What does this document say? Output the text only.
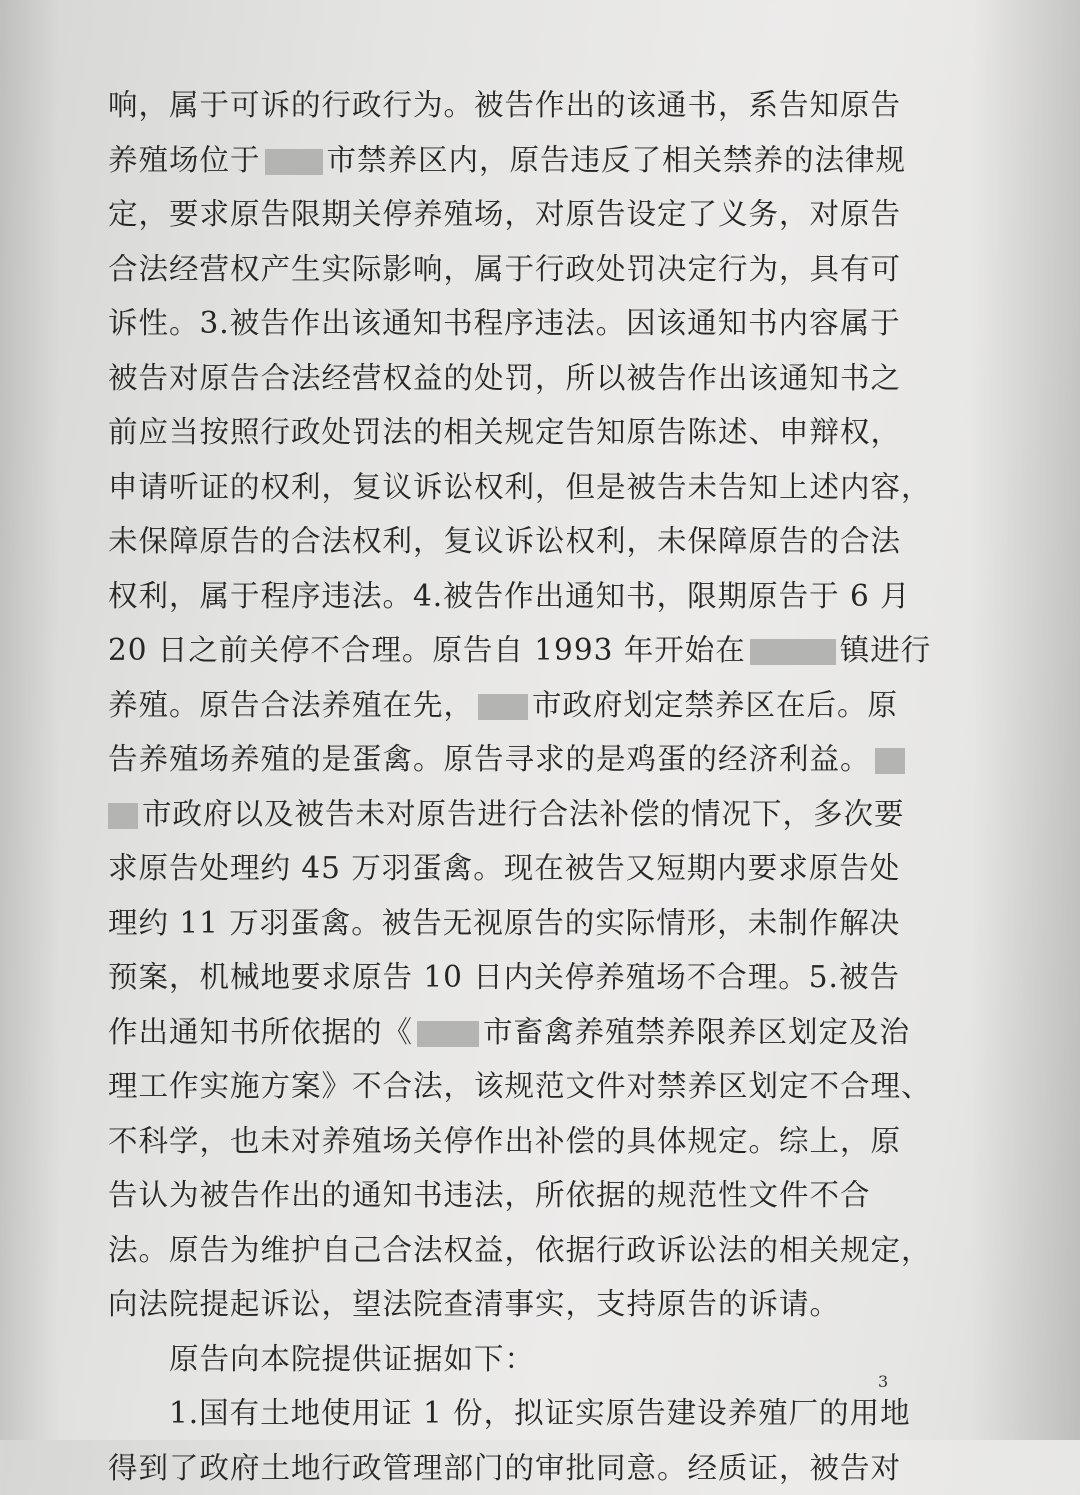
响，属于可诉的行政行为。被告作出的该通书，系告知原告
养殖场位于 市禁养区内，原告违反了相关禁养的法律规
定，要求原告限期关停养殖场，对原告设定了义务，对原告
合法经营权产生实际影响，属于行政处罚决定行为，具有可
诉性。3.被告作出该通知书程序违法。因该通知书内容属于
被告对原告合法经营权益的处罚，所以被告作出该通知书之
前应当按照行政处罚法的相关规定告知原告陈述、申辩权，
申请听证的权利，复议诉讼权利，但是被告未告知上述内容，
未保障原告的合法权利，复议诉讼权利，未保障原告的合法
权利，属于程序违法。4.被告作出通知书，限期原告于 6 月
20 日之前关停不合理。原告自 1993 年开始在	镇进行
养殖。原告合法养殖在先， 市政府划定禁养区在后。原
告养殖场养殖的是蛋禽。原告寻求的是鸡蛋的经济利益。
市政府以及被告未对原告进行合法补偿的情况下，多次要
求原告处理约 45 万羽蛋禽。现在被告又短期内要求原告处
理约 11 万羽蛋禽。被告无视原告的实际情形，未制作解决
预案，机械地要求原告 10 日内关停养殖场不合理。5.被告
作出通知书所依据的《 市畜禽养殖禁养限养区划定及治
理工作实施方案》不合法，该规范文件对禁养区划定不合理、
不科学，也未对养殖场关停作出补偿的具体规定。综上，原
告认为被告作出的通知书违法，所依据的规范性文件不合
法。原告为维护自己合法权益，依据行政诉讼法的相关规定，
向法院提起诉讼，望法院查清事实，支持原告的诉请。
　　原告向本院提供证据如下：
　　1.国有土地使用证 1 份，拟证实原告建设养殖厂的用地
得到了政府土地行政管理部门的审批同意。经质证，被告对
3
